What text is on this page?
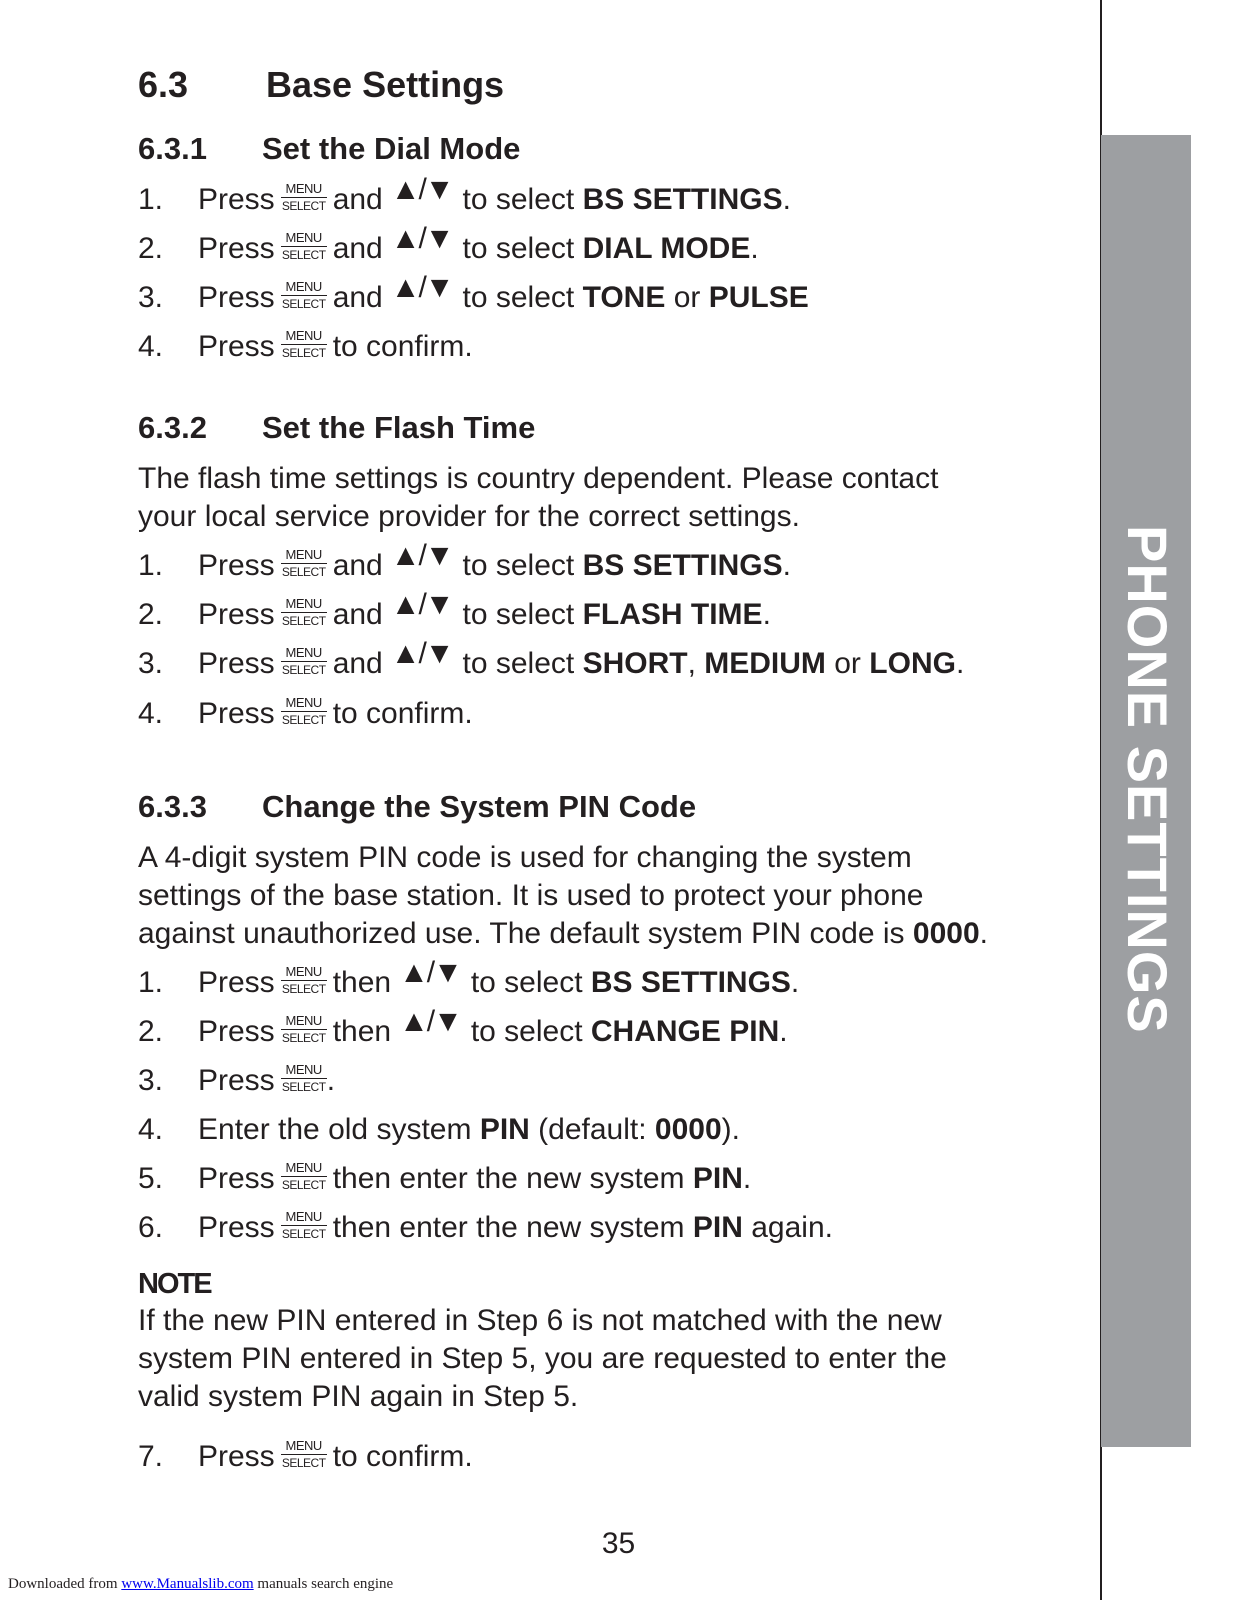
6.3 Base Settings
6.3.1 Set the Dial Mode
1. Press MENU
SELECT and ▲/▼ to select BS SETTINGS.
2. Press MENU
SELECT and ▲/▼ to select DIAL MODE.
3. Press MENU
SELECT and ▲/▼ to select TONE or PULSE
4. Press MENU
SELECT to confirm.
6.3.2 Set the Flash Time
The flash time settings is country dependent. Please contact
your local service provider for the correct settings.
1. Press MENU
SELECT and ▲/▼ to select BS SETTINGS.
2. Press MENU
SELECT and ▲/▼ to select FLASH TIME.
3. Press MENU
SELECT and ▲/▼ to select SHORT, MEDIUM or LONG.
4. Press MENU
SELECT to confirm.
6.3.3 Change the System PIN Code
A 4-digit system PIN code is used for changing the system
settings of the base station. It is used to protect your phone
against unauthorized use. The default system PIN code is 0000.
1. Press MENU
SELECT then ▲/▼ to select BS SETTINGS.
2. Press MENU
SELECT then ▲/▼ to select CHANGE PIN.
3. Press MENU
SELECT .
4. Enter the old system PIN (default: 0000).
5. Press MENU
SELECT then enter the new system PIN.
6. Press MENU
SELECT then enter the new system PIN again.
NOTE
If the new PIN entered in Step 6 is not matched with the new
system PIN entered in Step 5, you are requested to enter the
valid system PIN again in Step 5.
7. Press MENU
SELECT to confirm.
PHONE SETTINGS
35
Downloaded from www.Manualslib.com manuals search engine
